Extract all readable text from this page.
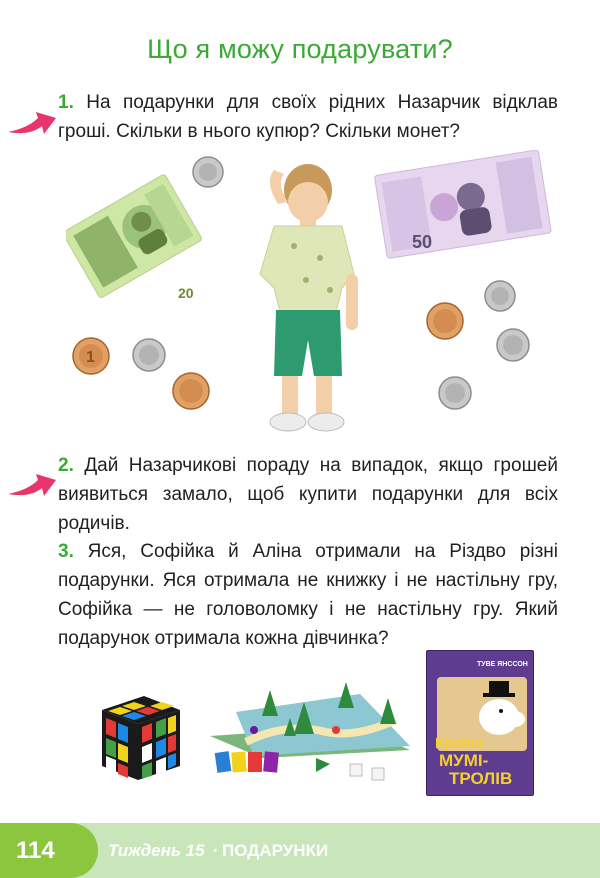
Що я можу подарувати?

1. На подарунки для своїх рідних Назарчик відклав гроші. Скільки в нього купюр? Скільки монет?

20
50
1

2. Дай Назарчикові пораду на випадок, якщо грошей виявиться замало, щоб купити подарунки для всіх родичів.

3. Яся, Софійка й Аліна отримали на Різдво різні подарунки. Яся отримала не книжку і не настільну гру, Софійка — не головоломку і не настільну гру. Який подарунок отримала кожна дівчинка?

ТУВЕ ЯНССОН
Країна
МУМІ-
ТРОЛІВ
114	Тиждень 15 · ПОДАРУНКИ
